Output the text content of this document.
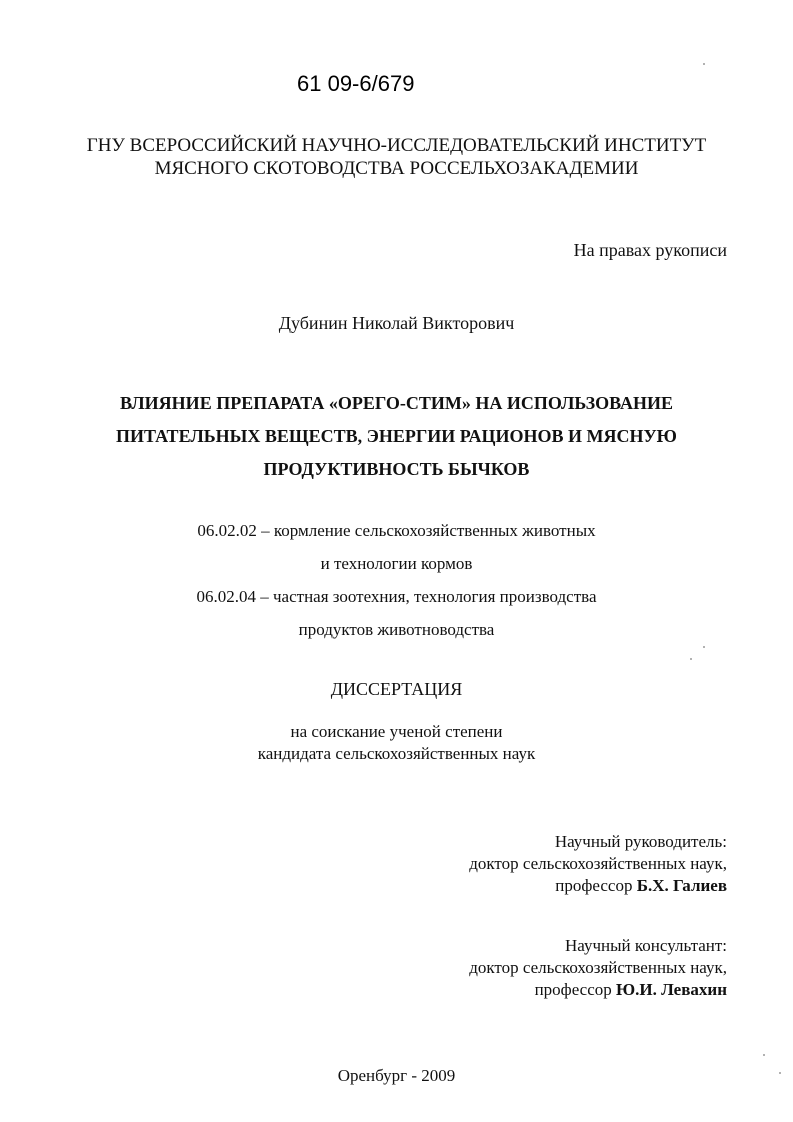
61 09-6/679
ГНУ ВСЕРОССИЙСКИЙ НАУЧНО-ИССЛЕДОВАТЕЛЬСКИЙ ИНСТИТУТ
МЯСНОГО СКОТОВОДСТВА РОССЕЛЬХОЗАКАДЕМИИ
На правах рукописи
Дубинин Николай Викторович
ВЛИЯНИЕ ПРЕПАРАТА «ОРЕГО-СТИМ» НА ИСПОЛЬЗОВАНИЕ
ПИТАТЕЛЬНЫХ ВЕЩЕСТВ, ЭНЕРГИИ РАЦИОНОВ И МЯСНУЮ
ПРОДУКТИВНОСТЬ БЫЧКОВ
06.02.02 – кормление сельскохозяйственных животных
и технологии кормов
06.02.04 – частная зоотехния, технология производства
продуктов животноводства
ДИССЕРТАЦИЯ
на соискание ученой степени
кандидата сельскохозяйственных наук
Научный руководитель:
доктор сельскохозяйственных наук,
профессор Б.Х. Галиев
Научный консультант:
доктор сельскохозяйственных наук,
профессор Ю.И. Левахин
Оренбург - 2009
